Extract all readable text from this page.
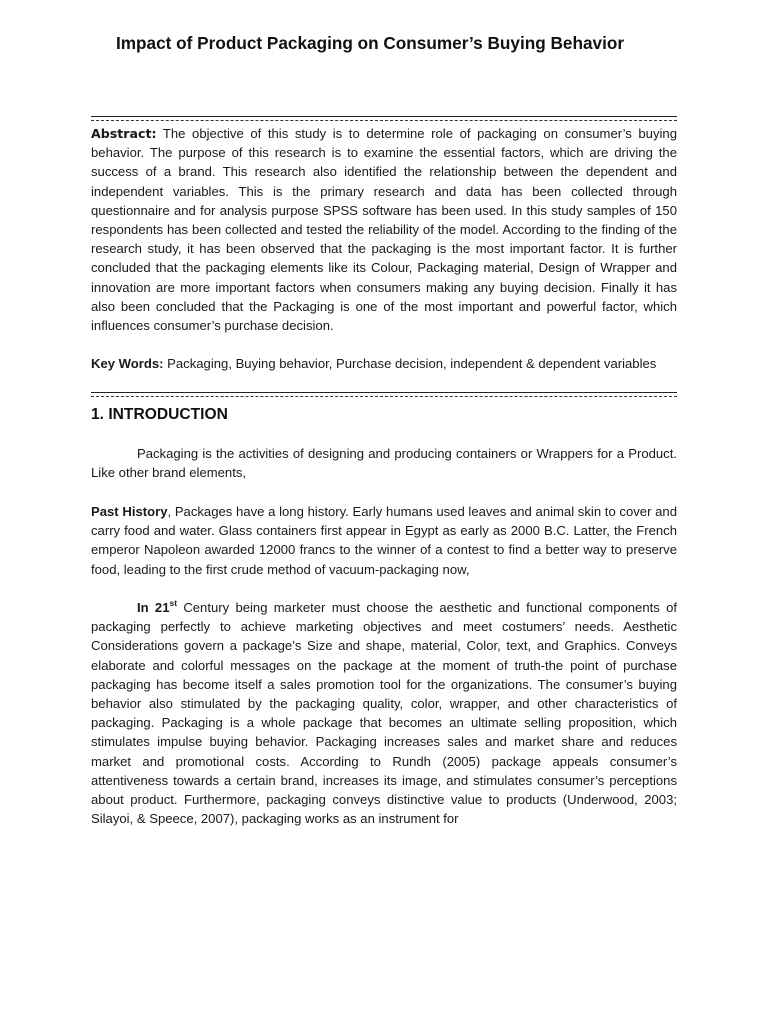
Impact of Product Packaging on Consumer’s Buying Behavior
Abstract: The objective of this study is to determine role of packaging on consumer’s buying behavior. The purpose of this research is to examine the essential factors, which are driving the success of a brand. This research also identified the relationship between the dependent and independent variables. This is the primary research and data has been collected through questionnaire and for analysis purpose SPSS software has been used. In this study samples of 150 respondents has been collected and tested the reliability of the model. According to the finding of the research study, it has been observed that the packaging is the most important factor. It is further concluded that the packaging elements like its Colour, Packaging material, Design of Wrapper and innovation are more important factors when consumers making any buying decision. Finally it has also been concluded that the Packaging is one of the most important and powerful factor, which influences consumer’s purchase decision.
Key Words: Packaging, Buying behavior, Purchase decision, independent & dependent variables
1. INTRODUCTION
Packaging is the activities of designing and producing containers or Wrappers for a Product. Like other brand elements,
Past History, Packages have a long history. Early humans used leaves and animal skin to cover and carry food and water. Glass containers first appear in Egypt as early as 2000 B.C. Latter, the French emperor Napoleon awarded 12000 francs to the winner of a contest to find a better way to preserve food, leading to the first crude method of vacuum-packaging now,
In 21st Century being marketer must choose the aesthetic and functional components of packaging perfectly to achieve marketing objectives and meet costumers’ needs. Aesthetic Considerations govern a package’s Size and shape, material, Color, text, and Graphics. Conveys elaborate and colorful messages on the package at the moment of truth-the point of purchase packaging has become itself a sales promotion tool for the organizations. The consumer’s buying behavior also stimulated by the packaging quality, color, wrapper, and other characteristics of packaging. Packaging is a whole package that becomes an ultimate selling proposition, which stimulates impulse buying behavior. Packaging increases sales and market share and reduces market and promotional costs. According to Rundh (2005) package appeals consumer’s attentiveness towards a certain brand, increases its image, and stimulates consumer’s perceptions about product. Furthermore, packaging conveys distinctive value to products (Underwood, 2003; Silayoi, & Speece, 2007), packaging works as an instrument for
